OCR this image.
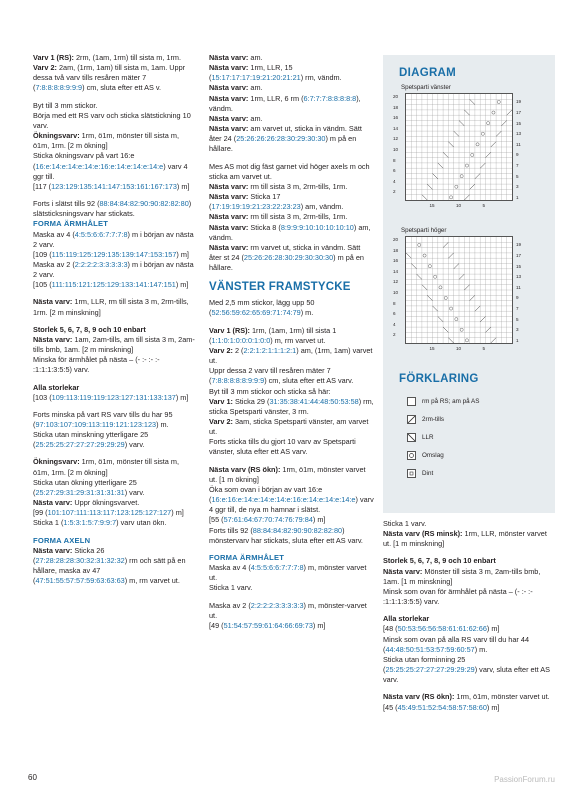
Varv 1 (RS): 2rm, (1am, 1rm) till sista m, 1rm.
Varv 2: 2am, (1rm, 1am) till sista m, 1am. Uppr dessa två varv tills resåren mäter 7 (7:8:8:8:8:9:9:9) cm, sluta efter ett AS v.

Byt till 3 mm stickor.
Börja med ett RS varv och sticka slätstickning 10 varv.
Ökningsvarv: 1rm, ö1m, mönster till sista m, ö1m, 1rm. [2 m ökning]
Sticka ökningsvarv på vart 16:e (16:e:14:e:14:e:14:e:16:e:14:e:14:e:14:e) varv 4 ggr till.
[117 (123:129:135:141:147:153:161:167:173) m]

Forts i slätst tills 92 (88:84:84:82:90:90:82:82:80) slätsticksningsvarv har stickats.
FORMA ÄRMHÅLET
Maska av 4 (4:5:5:6:6:7:7:7:8) m i början av nästa 2 varv.
[109 (115:119:125:129:135:139:147:153:157) m]
Maska av 2 (2:2:2:2:3:3:3:3:3) m i början av nästa 2 varv.
[105 (111:115:121:125:129:133:141:147:151) m]

Nästa varv: 1rm, LLR, rm till sista 3 m, 2rm-tills, 1rm. [2 m minskning]

Storlek 5, 6, 7, 8, 9 och 10 enbart
Nästa varv: 1am, 2am-tills, am till sista 3 m, 2am-tills bmb, 1am. [2 m minskning]
Minska för ärmhålet på nästa – (- :- :- :- :1:1:1:3:5:5) varv.

Alla storlekar
[103 (109:113:119:119:123:127:131:133:137) m]

Forts minska på vart RS varv tills du har 95 (97:103:107:109:113:119:121:123:123) m.
Sticka utan minskning ytterligare 25 (25:25:25:27:27:27:29:29:29) varv.

Ökningsvarv: 1rm, ö1m, mönster till sista m, ö1m, 1rm. [2 m ökning]
Sticka utan ökning ytterligare 25 (25:27:29:31:29:31:31:31:31) varv.
Nästa varv: Uppr ökningsvarvet.
[99 (101:107:111:113:117:123:125:127:127) m]
Sticka 1 (1:5:3:1:5:7:9:9:7) varv utan ökn.

FORMA AXELN
Nästa varv: Sticka 26 (27:28:28:28:30:32:31:32:32) rm och sätt på en hållare, maska av 47 (47:51:55:57:57:59:63:63:63) m, rm varvet ut.

Nästa varv: am.
Nästa varv: 1rm, LLR, 15 (15:17:17:17:19:21:20:21:21) rm, vändm.
Nästa varv: am.
Nästa varv: 1rm, LLR, 6 rm (6:7:7:7:8:8:8:8:8), vändm.
Nästa varv: am.
Nästa varv: am varvet ut, sticka in vändm. Sätt åter 24 (25:26:26:26:28:30:29:30:30) m på en hållare.

Mes AS mot dig fäst garnet vid höger axels m och sticka am varvet ut.
Nästa varv: rm till sista 3 m, 2rm-tills, 1rm.
Nästa varv: Sticka 17 (17:19:19:19:21:23:22:23:23) am, vändm.
Nästa varv: rm till sista 3 m, 2rm-tills, 1rm.
Nästa varv: Sticka 8 (8:9:9:9:10:10:10:10:10) am, vändm.
Nästa varv: rm varvet ut, sticka in vändm. Sätt åter st 24 (25:26:26:28:30:29:30:30:30) m på en hållare.

VÄNSTER FRAMSTYCKE

Med 2,5 mm stickor, lägg upp 50 (52:56:59:62:65:69:71:74:79) m.

Varv 1 (RS): 1rm, (1am, 1rm) till sista 1 (1:1:0:1:0:0:0:1:0:0) m, rm varvet ut.
Varv 2: 2 (2:2:1:2:1:1:1:2:1) am, (1rm, 1am) varvet ut.
Uppr dessa 2 varv till resåren mäter 7 (7:8:8:8:8:8:9:9:9) cm, sluta efter ett AS varv.
Byt till 3 mm stickor och sticka så här:
Varv 1: Sticka 29 (31:35:38:41:44:48:50:53:58) rm, sticka Spetsparti vänster, 3 rm.
Varv 2: 3am, sticka Spetsparti vänster, am varvet ut.
Forts sticka tills du gjort 10 varv av Spetsparti vänster, sluta efter ett AS varv.

Nästa varv (RS ökn): 1rm, ö1m, mönster varvet ut. [1 m ökning]
Öka som ovan i början av vart 16:e (16:e:16:e:14:e:14:e:14:e:16:e:14:e:14:e:14:e) varv 4 ggr till, de nya m hamnar i slätst.
[55 (57:61:64:67:70:74:76:79:84) m]
Forts tills 92 (88:84:84:82:90:90:82:82:80) mönstervarv har stickats, sluta efter ett AS varv.

FORMA ÄRMHÅLET
Maska av 4 (4:5:5:6:6:7:7:7:8) m, mönster varvet ut.
Sticka 1 varv.

Maska av 2 (2:2:2:2:3:3:3:3:3) m, mönster-varvet ut.
[49 (51:54:57:59:61:64:66:69:73) m]

DIAGRAM
Spetsparti vänster
20
18
16
14
12
10
8
6
4
2
19
17
15
13
11
9
7
5
3
1
15	10	5
Spetsparti höger
20
18
16
14
12
10
8
6
4
2
19
17
15
13
11
9
7
5
3
1
15	10	5
FÖRKLARING
rm på RS; am på AS
2rm-tills
LLR
Omslag
Dint

Sticka 1 varv.
Nästa varv (RS minsk): 1rm, LLR, mönster varvet ut. [1 m minskning]

Storlek 5, 6, 7, 8, 9 och 10 enbart
Nästa varv: Mönster till sista 3 m, 2am-tills bmb, 1am. [1 m minskning]
Minsk som ovan för ärmhålet på nästa – (- :- :- :1:1:1:3:5:5) varv.

Alla storlekar
[48 (50:53:56:56:58:61:61:62:66) m]
Minsk som ovan på alla RS varv till du har 44 (44:48:50:51:53:57:59:60:57) m.
Sticka utan forminning 25 (25:25:25:27:27:27:29:29:29) varv, sluta efter ett AS varv.

Nästa varv (RS ökn): 1rm, ö1m, mönster varvet ut.
[45 (45:49:51:52:54:58:57:58:60) m]

60	PassionForum.ru
